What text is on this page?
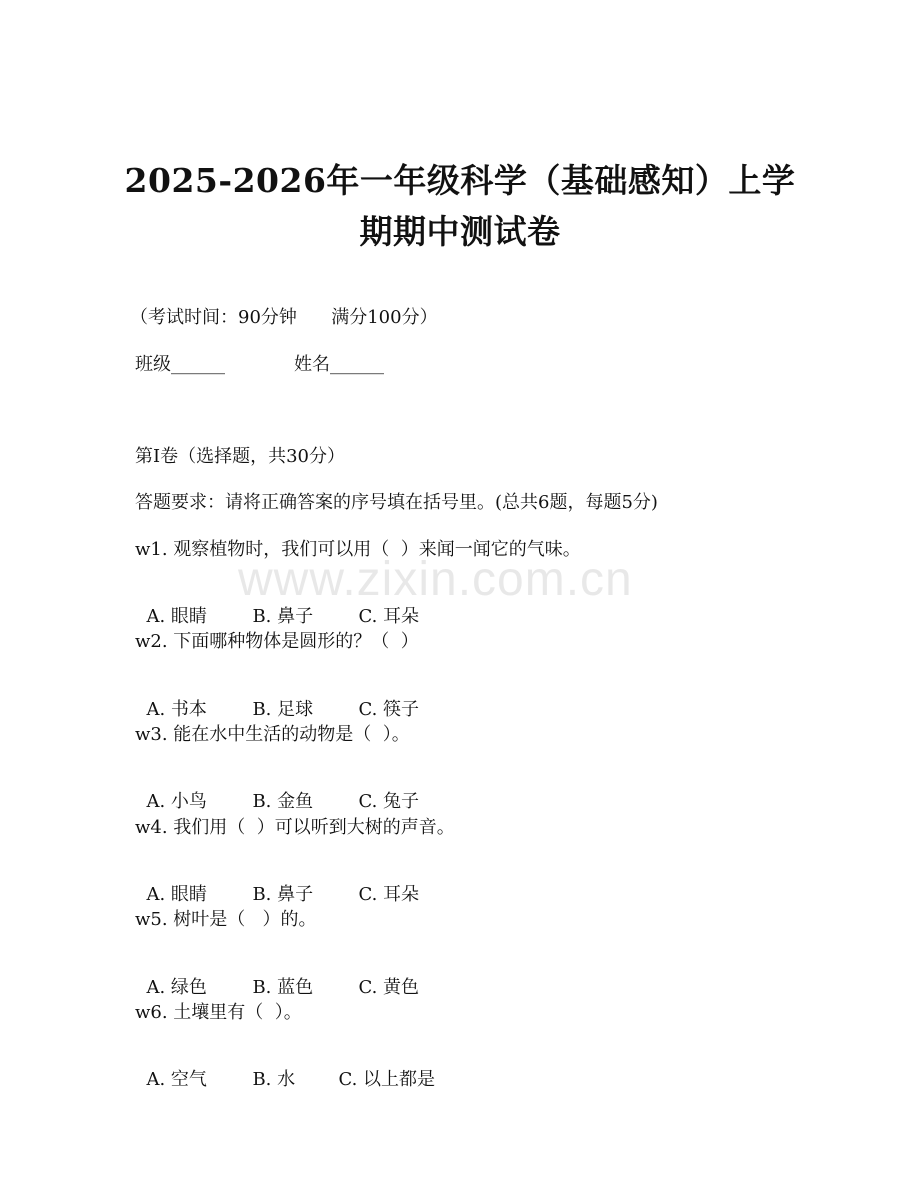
2025-2026年一年级科学（基础感知）上学
期期中测试卷
（考试时间：90分钟      满分100分）
班级______	姓名______
第I卷（选择题，共30分）
答题要求：请将正确答案的序号填在括号里。(总共6题，每题5分)
w1. 观察植物时，我们可以用（  ）来闻一闻它的气味。

A. 眼睛	B. 鼻子	C. 耳朵

w2. 下面哪种物体是圆形的？（  ）

A. 书本	B. 足球	C. 筷子

w3. 能在水中生活的动物是（  ）。

A. 小鸟	B. 金鱼	C. 兔子

w4. 我们用（  ）可以听到大树的声音。

A. 眼睛	B. 鼻子	C. 耳朵

w5. 树叶是（   ）的。

A. 绿色	B. 蓝色	C. 黄色

w6. 土壤里有（  ）。

A. 空气	B. 水 C. 以上都是

www.zixin.com.cn
